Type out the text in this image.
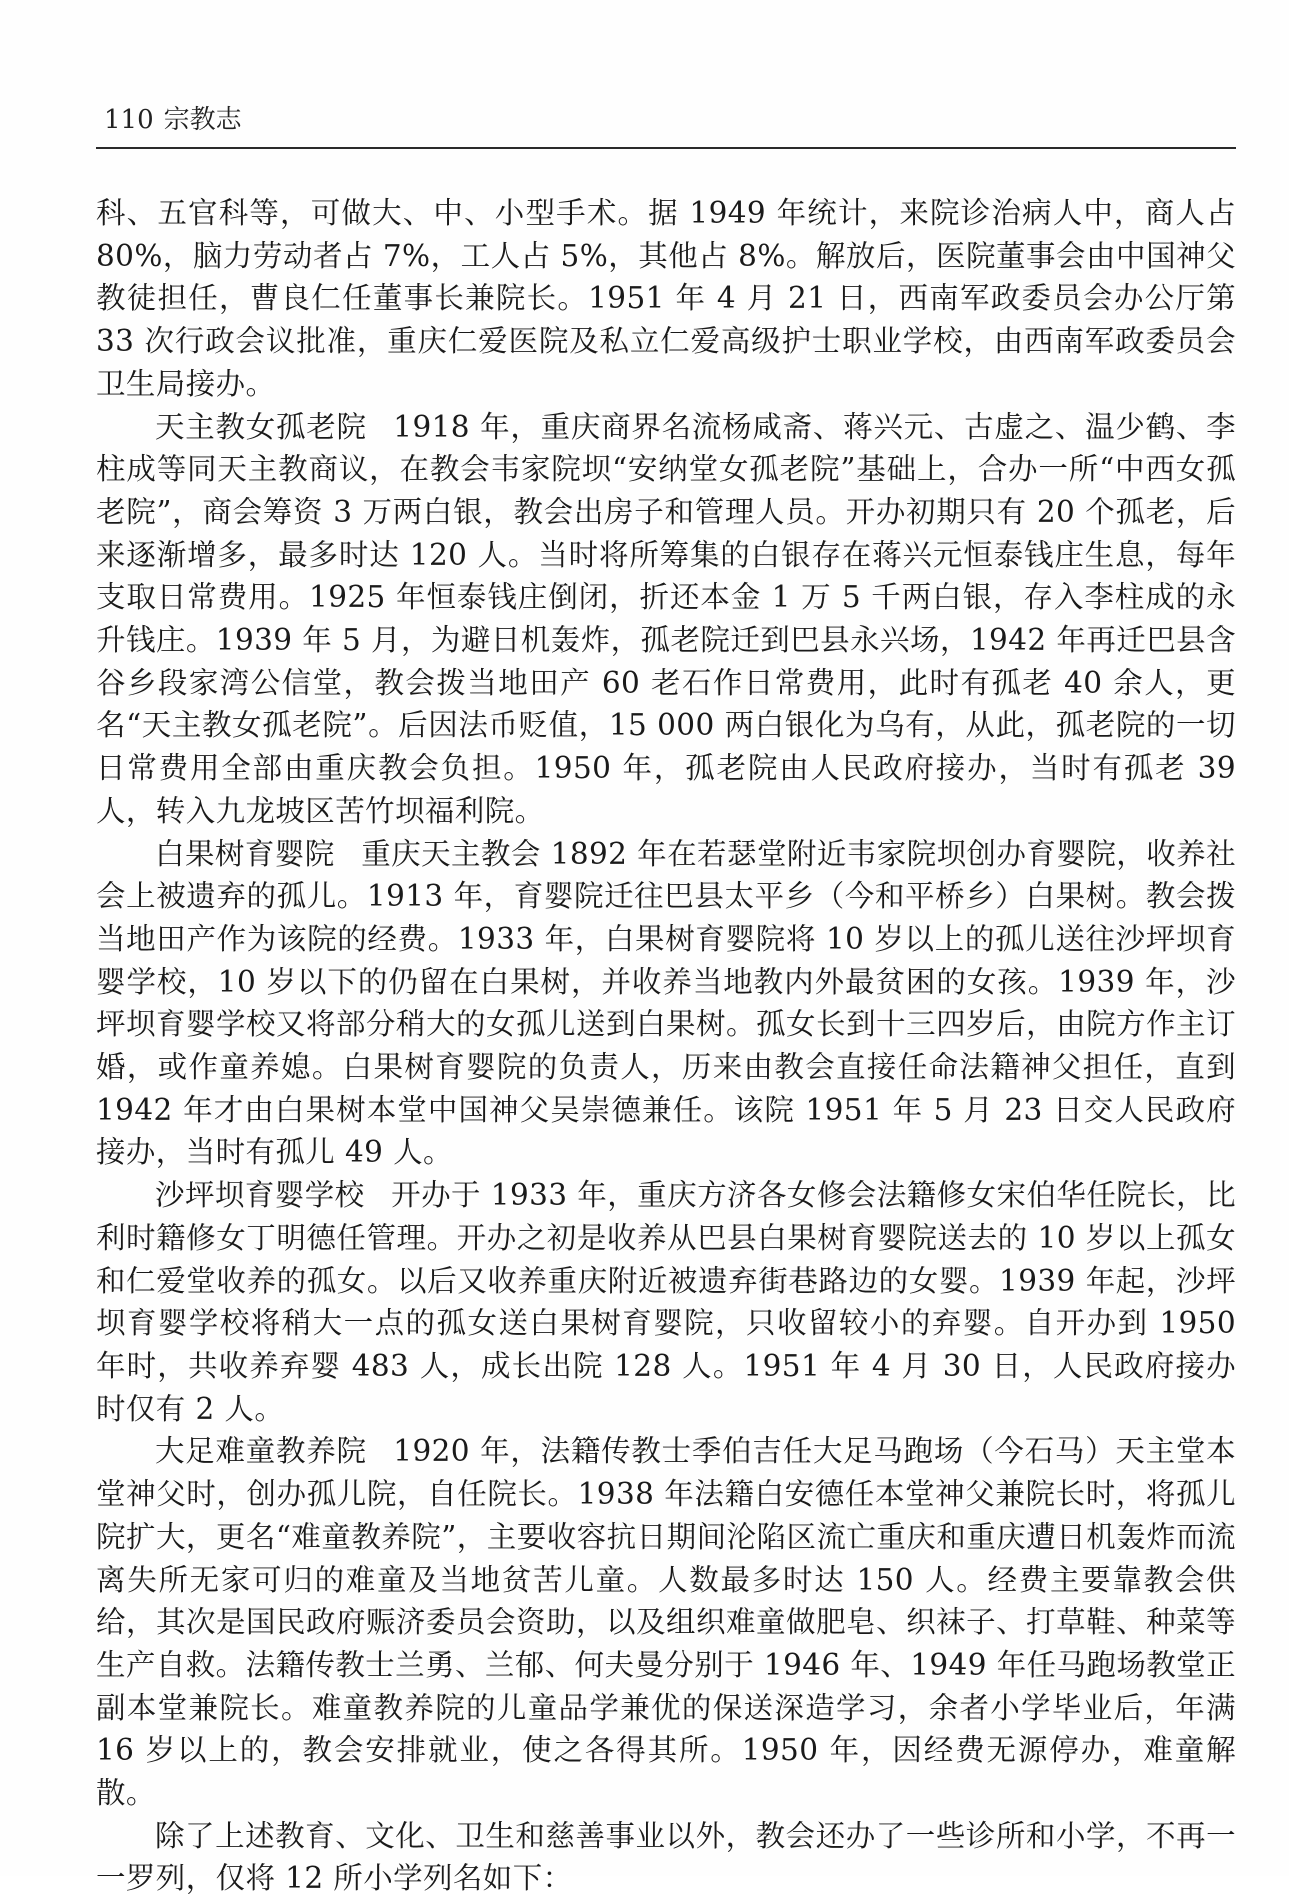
110 宗教志

科、五官科等，可做大、中、小型手术。据 1949 年统计，来院诊治病人中，商人占 80%，脑力劳动者占 7%，工人占 5%，其他占 8%。解放后，医院董事会由中国神父教徒担任，曹良仁任董事长兼院长。1951 年 4 月 21 日，西南军政委员会办公厅第 33 次行政会议批准，重庆仁爱医院及私立仁爱高级护士职业学校，由西南军政委员会卫生局接办。

天主教女孤老院 1918 年，重庆商界名流杨咸斋、蒋兴元、古虚之、温少鹤、李柱成等同天主教商议，在教会韦家院坝“安纳堂女孤老院”基础上，合办一所“中西女孤老院”，商会筹资 3 万两白银，教会出房子和管理人员。开办初期只有 20 个孤老，后来逐渐增多，最多时达 120 人。当时将所筹集的白银存在蒋兴元恒泰钱庄生息，每年支取日常费用。1925 年恒泰钱庄倒闭，折还本金 1 万 5 千两白银，存入李柱成的永升钱庄。1939 年 5 月，为避日机轰炸，孤老院迁到巴县永兴场，1942 年再迁巴县含谷乡段家湾公信堂，教会拨当地田产 60 老石作日常费用，此时有孤老 40 余人，更名“天主教女孤老院”。后因法币贬值，15 000 两白银化为乌有，从此，孤老院的一切日常费用全部由重庆教会负担。1950 年，孤老院由人民政府接办，当时有孤老 39 人，转入九龙坡区苦竹坝福利院。

白果树育婴院 重庆天主教会 1892 年在若瑟堂附近韦家院坝创办育婴院，收养社会上被遗弃的孤儿。1913 年，育婴院迁往巴县太平乡（今和平桥乡）白果树。教会拨当地田产作为该院的经费。1933 年，白果树育婴院将 10 岁以上的孤儿送往沙坪坝育婴学校，10 岁以下的仍留在白果树，并收养当地教内外最贫困的女孩。1939 年，沙坪坝育婴学校又将部分稍大的女孤儿送到白果树。孤女长到十三四岁后，由院方作主订婚，或作童养媳。白果树育婴院的负责人，历来由教会直接任命法籍神父担任，直到 1942 年才由白果树本堂中国神父吴崇德兼任。该院 1951 年 5 月 23 日交人民政府接办，当时有孤儿 49 人。

沙坪坝育婴学校 开办于 1933 年，重庆方济各女修会法籍修女宋伯华任院长，比利时籍修女丁明德任管理。开办之初是收养从巴县白果树育婴院送去的 10 岁以上孤女和仁爱堂收养的孤女。以后又收养重庆附近被遗弃街巷路边的女婴。1939 年起，沙坪坝育婴学校将稍大一点的孤女送白果树育婴院，只收留较小的弃婴。自开办到 1950 年时，共收养弃婴 483 人，成长出院 128 人。1951 年 4 月 30 日，人民政府接办时仅有 2 人。

大足难童教养院 1920 年，法籍传教士季伯吉任大足马跑场（今石马）天主堂本堂神父时，创办孤儿院，自任院长。1938 年法籍白安德任本堂神父兼院长时，将孤儿院扩大，更名“难童教养院”，主要收容抗日期间沦陷区流亡重庆和重庆遭日机轰炸而流离失所无家可归的难童及当地贫苦儿童。人数最多时达 150 人。经费主要靠教会供给，其次是国民政府赈济委员会资助，以及组织难童做肥皂、织袜子、打草鞋、种菜等生产自救。法籍传教士兰勇、兰郁、何夫曼分别于 1946 年、1949 年任马跑场教堂正副本堂兼院长。难童教养院的儿童品学兼优的保送深造学习，余者小学毕业后，年满 16 岁以上的，教会安排就业，使之各得其所。1950 年，因经费无源停办，难童解散。

除了上述教育、文化、卫生和慈善事业以外，教会还办了一些诊所和小学，不再一一罗列，仅将 12 所小学列名如下：
